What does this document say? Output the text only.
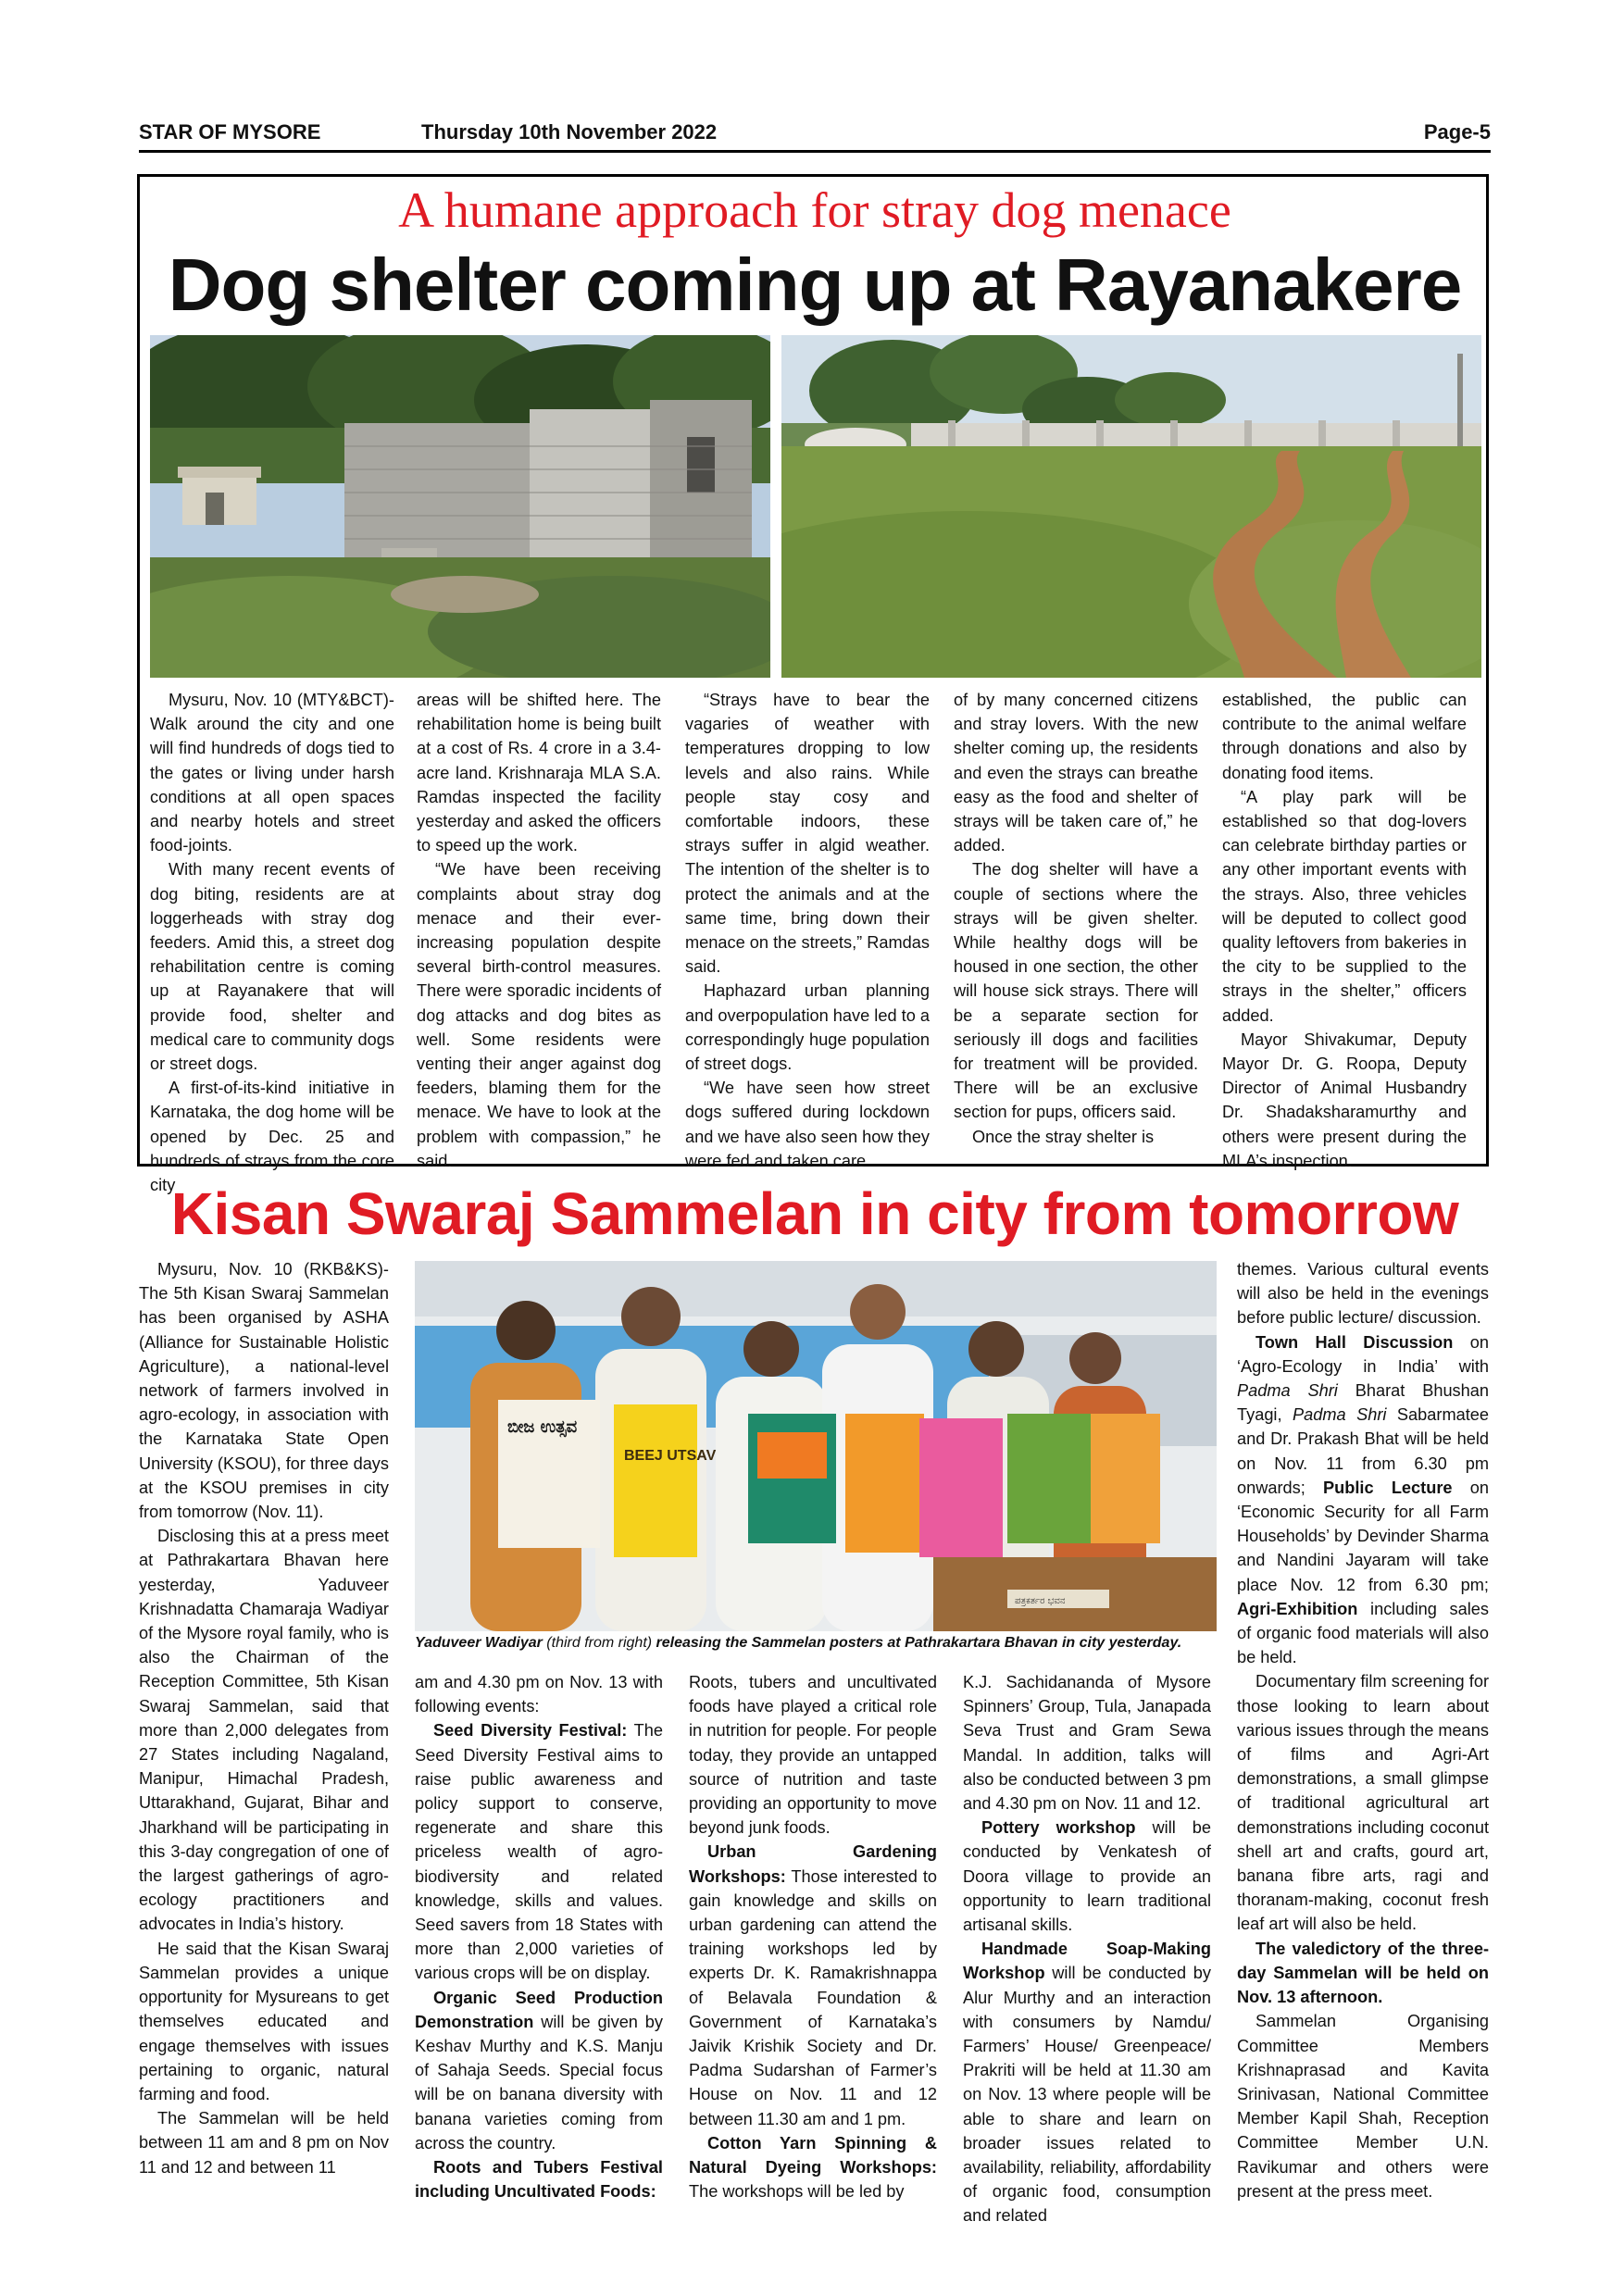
STAR OF MYSORE	Thursday 10th November 2022	Page-5
A humane approach for stray dog menace
Dog shelter coming up at Rayanakere

Mysuru, Nov. 10 (MTY&BCT)- Walk around the city and one will find hundreds of dogs tied to the gates or living under harsh conditions at all open spaces and nearby hotels and street food-joints.

With many recent events of dog biting, residents are at loggerheads with stray dog feeders. Amid this, a street dog rehabilitation centre is coming up at Rayanakere that will provide food, shelter and medical care to community dogs or street dogs.

A first-of-its-kind initiative in Karnataka, the dog home will be opened by Dec. 25 and hundreds of strays from the core city

areas will be shifted here. The rehabilitation home is being built at a cost of Rs. 4 crore in a 3.4-acre land. Krishnaraja MLA S.A. Ramdas inspected the facility yesterday and asked the officers to speed up the work.

“We have been receiving complaints about stray dog menace and their ever-increasing population despite several birth-control measures. There were sporadic incidents of dog attacks and dog bites as well. Some residents were venting their anger against dog feeders, blaming them for the menace. We have to look at the problem with compassion,” he said.

“Strays have to bear the vagaries of weather with temperatures dropping to low levels and also rains. While people stay cosy and comfortable indoors, these strays suffer in algid weather. The intention of the shelter is to protect the animals and at the same time, bring down their menace on the streets,” Ramdas said.

Haphazard urban planning and overpopulation have led to a correspondingly huge population of street dogs.

“We have seen how street dogs suffered during lockdown and we have also seen how they were fed and taken care

of by many concerned citizens and stray lovers. With the new shelter coming up, the residents and even the strays can breathe easy as the food and shelter of strays will be taken care of,” he added.

The dog shelter will have a couple of sections where the strays will be given shelter. While healthy dogs will be housed in one section, the other will house sick strays. There will be a separate section for seriously ill dogs and facilities for treatment will be provided. There will be an exclusive section for pups, officers said.

Once the stray shelter is

established, the public can contribute to the animal welfare through donations and also by donating food items.

“A play park will be established so that dog-lovers can celebrate birthday parties or any other important events with the strays. Also, three vehicles will be deputed to collect good quality leftovers from bakeries in the city to be supplied to the strays in the shelter,” officers added.

Mayor Shivakumar, Deputy Mayor Dr. G. Roopa, Deputy Director of Animal Husbandry Dr. Shadaksharamurthy and others were present during the MLA’s inspection.

Kisan Swaraj Sammelan in city from tomorrow
ಬೀಜ ಉತ್ಸವ
BEEJ UTSAV
ಪತ್ರಕರ್ತರ ಭವನ
Yaduveer Wadiyar (third from right) releasing the Sammelan posters at Pathrakartara Bhavan in city yesterday.

Mysuru, Nov. 10 (RKB&KS)- The 5th Kisan Swaraj Sammelan has been organised by ASHA (Alliance for Sustainable Holistic Agriculture), a national-level network of farmers involved in agro-ecology, in association with the Karnataka State Open University (KSOU), for three days at the KSOU premises in city from tomorrow (Nov. 11).

Disclosing this at a press meet at Pathrakartara Bhavan here yesterday, Yaduveer Krishnadatta Chamaraja Wadiyar of the Mysore royal family, who is also the Chairman of the Reception Committee, 5th Kisan Swaraj Sammelan, said that more than 2,000 delegates from 27 States including Nagaland, Manipur, Himachal Pradesh, Uttarakhand, Gujarat, Bihar and Jharkhand will be participating in this 3-day congregation of one of the largest gatherings of agro-ecology practitioners and advocates in India’s history.

He said that the Kisan Swaraj Sammelan provides a unique opportunity for Mysureans to get themselves educated and engage themselves with issues pertaining to organic, natural farming and food.

The Sammelan will be held between 11 am and 8 pm on Nov 11 and 12 and between 11

am and 4.30 pm on Nov. 13 with following events:

Seed Diversity Festival: The Seed Diversity Festival aims to raise public awareness and policy support to conserve, regenerate and share this priceless wealth of agro-biodiversity and related knowledge, skills and values. Seed savers from 18 States with more than 2,000 varieties of various crops will be on display.

Organic Seed Production Demonstration will be given by Keshav Murthy and K.S. Manju of Sahaja Seeds. Special focus will be on banana diversity with banana varieties coming from across the country.

Roots and Tubers Festival including Uncultivated Foods:

Roots, tubers and uncultivated foods have played a critical role in nutrition for people. For people today, they provide an untapped source of nutrition and taste providing an opportunity to move beyond junk foods.

Urban Gardening Workshops: Those interested to gain knowledge and skills on urban gardening can attend the training workshops led by experts Dr. K. Ramakrishnappa of Belavala Foundation & Government of Karnataka’s Jaivik Krishik Society and Dr. Padma Sudarshan of Farmer’s House on Nov. 11 and 12 between 11.30 am and 1 pm.

Cotton Yarn Spinning & Natural Dyeing Workshops: The workshops will be led by

K.J. Sachidananda of Mysore Spinners’ Group, Tula, Janapada Seva Trust and Gram Sewa Mandal. In addition, talks will also be conducted between 3 pm and 4.30 pm on Nov. 11 and 12.

Pottery workshop will be conducted by Venkatesh of Doora village to provide an opportunity to learn traditional artisanal skills.

Handmade Soap-Making Workshop will be conducted by Alur Murthy and an interaction with consumers by Namdu/ Farmers’ House/ Greenpeace/ Prakriti will be held at 11.30 am on Nov. 13 where people will be able to share and learn on broader issues related to availability, reliability, affordability of organic food, consumption and related

themes. Various cultural events will also be held in the evenings before public lecture/ discussion.

Town Hall Discussion on ‘Agro-Ecology in India’ with Padma Shri Bharat Bhushan Tyagi, Padma Shri Sabarmatee and Dr. Prakash Bhat will be held on Nov. 11 from 6.30 pm onwards; Public Lecture on ‘Economic Security for all Farm Households’ by Devinder Sharma and Nandini Jayaram will take place Nov. 12 from 6.30 pm; Agri-Exhibition including sales of organic food materials will also be held.

Documentary film screening for those looking to learn about various issues through the means of films and Agri-Art demonstrations, a small glimpse of traditional agricultural art demonstrations including coconut shell art and crafts, gourd art, banana fibre arts, ragi and thoranam-making, coconut fresh leaf art will also be held.

The valedictory of the three-day Sammelan will be held on Nov. 13 afternoon.

Sammelan Organising Committee Members Krishnaprasad and Kavita Srinivasan, National Committee Member Kapil Shah, Reception Committee Member U.N. Ravikumar and others were present at the press meet.
